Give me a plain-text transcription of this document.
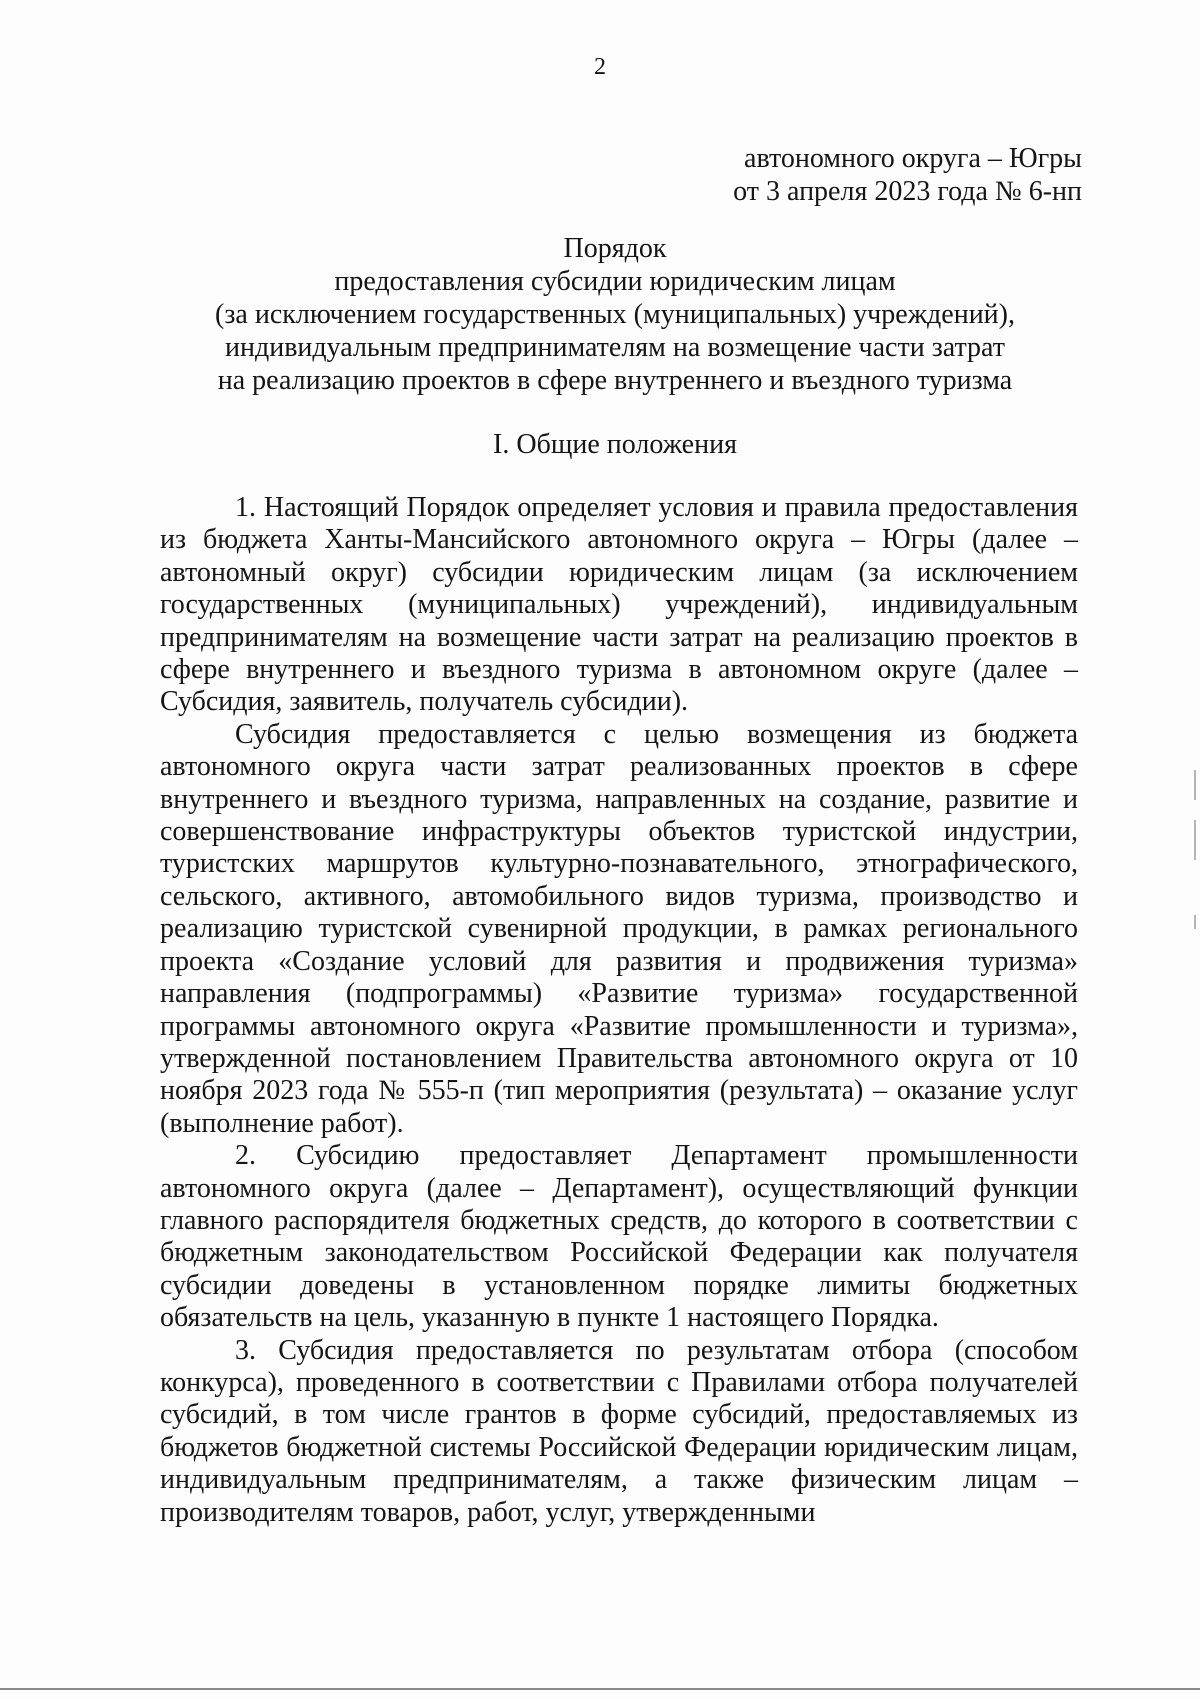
2
автономного округа – Югры
от 3 апреля 2023 года № 6-нп
Порядок
предоставления субсидии юридическим лицам
(за исключением государственных (муниципальных) учреждений),
индивидуальным предпринимателям на возмещение части затрат
на реализацию проектов в сфере внутреннего и въездного туризма
I. Общие положения

1. Настоящий Порядок определяет условия и правила предоставления из бюджета Ханты-Мансийского автономного округа – Югры (далее – автономный округ) субсидии юридическим лицам (за исключением государственных (муниципальных) учреждений), индивидуальным предпринимателям на возмещение части затрат на реализацию проектов в сфере внутреннего и въездного туризма в автономном округе (далее – Субсидия, заявитель, получатель субсидии).

Субсидия предоставляется с целью возмещения из бюджета автономного округа части затрат реализованных проектов в сфере внутреннего и въездного туризма, направленных на создание, развитие и совершенствование инфраструктуры объектов туристской индустрии, туристских маршрутов культурно-познавательного, этнографического, сельского, активного, автомобильного видов туризма, производство и реализацию туристской сувенирной продукции, в рамках регионального проекта «Создание условий для развития и продвижения туризма» направления (подпрограммы) «Развитие туризма» государственной программы автономного округа «Развитие промышленности и туризма», утвержденной постановлением Правительства автономного округа от 10 ноября 2023 года № 555-п (тип мероприятия (результата) – оказание услуг (выполнение работ).

2. Субсидию предоставляет Департамент промышленности автономного округа (далее – Департамент), осуществляющий функции главного распорядителя бюджетных средств, до которого в соответствии с бюджетным законодательством Российской Федерации как получателя субсидии доведены в установленном порядке лимиты бюджетных обязательств на цель, указанную в пункте 1 настоящего Порядка.

3. Субсидия предоставляется по результатам отбора (способом конкурса), проведенного в соответствии с Правилами отбора получателей субсидий, в том числе грантов в форме субсидий, предоставляемых из бюджетов бюджетной системы Российской Федерации юридическим лицам, индивидуальным предпринимателям, а также физическим лицам – производителям товаров, работ, услуг, утвержденными
